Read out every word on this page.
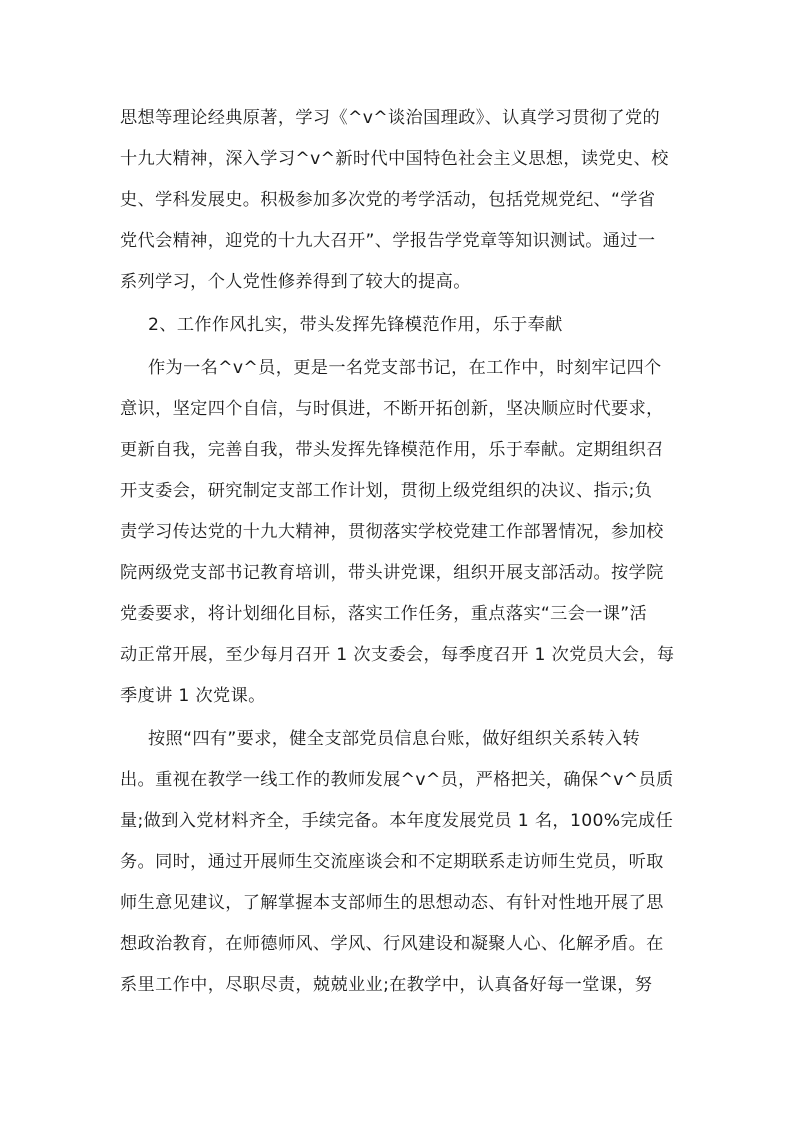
思想等理论经典原著，学习《^v^谈治国理政》、认真学习贯彻了党的
十九大精神，深入学习^v^新时代中国特色社会主义思想，读党史、校
史、学科发展史。积极参加多次党的考学活动，包括党规党纪、“学省
党代会精神，迎党的十九大召开”、学报告学党章等知识测试。通过一
系列学习，个人党性修养得到了较大的提高。
2、工作作风扎实，带头发挥先锋模范作用，乐于奉献
作为一名^v^员，更是一名党支部书记，在工作中，时刻牢记四个
意识，坚定四个自信，与时俱进，不断开拓创新，坚决顺应时代要求，
更新自我，完善自我，带头发挥先锋模范作用，乐于奉献。定期组织召
开支委会，研究制定支部工作计划，贯彻上级党组织的决议、指示;负
责学习传达党的十九大精神，贯彻落实学校党建工作部署情况，参加校
院两级党支部书记教育培训，带头讲党课，组织开展支部活动。按学院
党委要求，将计划细化目标，落实工作任务，重点落实“三会一课”活
动正常开展，至少每月召开 1 次支委会，每季度召开 1 次党员大会，每
季度讲 1 次党课。
按照“四有”要求，健全支部党员信息台账，做好组织关系转入转
出。重视在教学一线工作的教师发展^v^员，严格把关，确保^v^员质
量;做到入党材料齐全，手续完备。本年度发展党员 1 名，100%完成任
务。同时，通过开展师生交流座谈会和不定期联系走访师生党员，听取
师生意见建议，了解掌握本支部师生的思想动态、有针对性地开展了思
想政治教育，在师德师风、学风、行风建设和凝聚人心、化解矛盾。在
系里工作中，尽职尽责，兢兢业业;在教学中，认真备好每一堂课，努
